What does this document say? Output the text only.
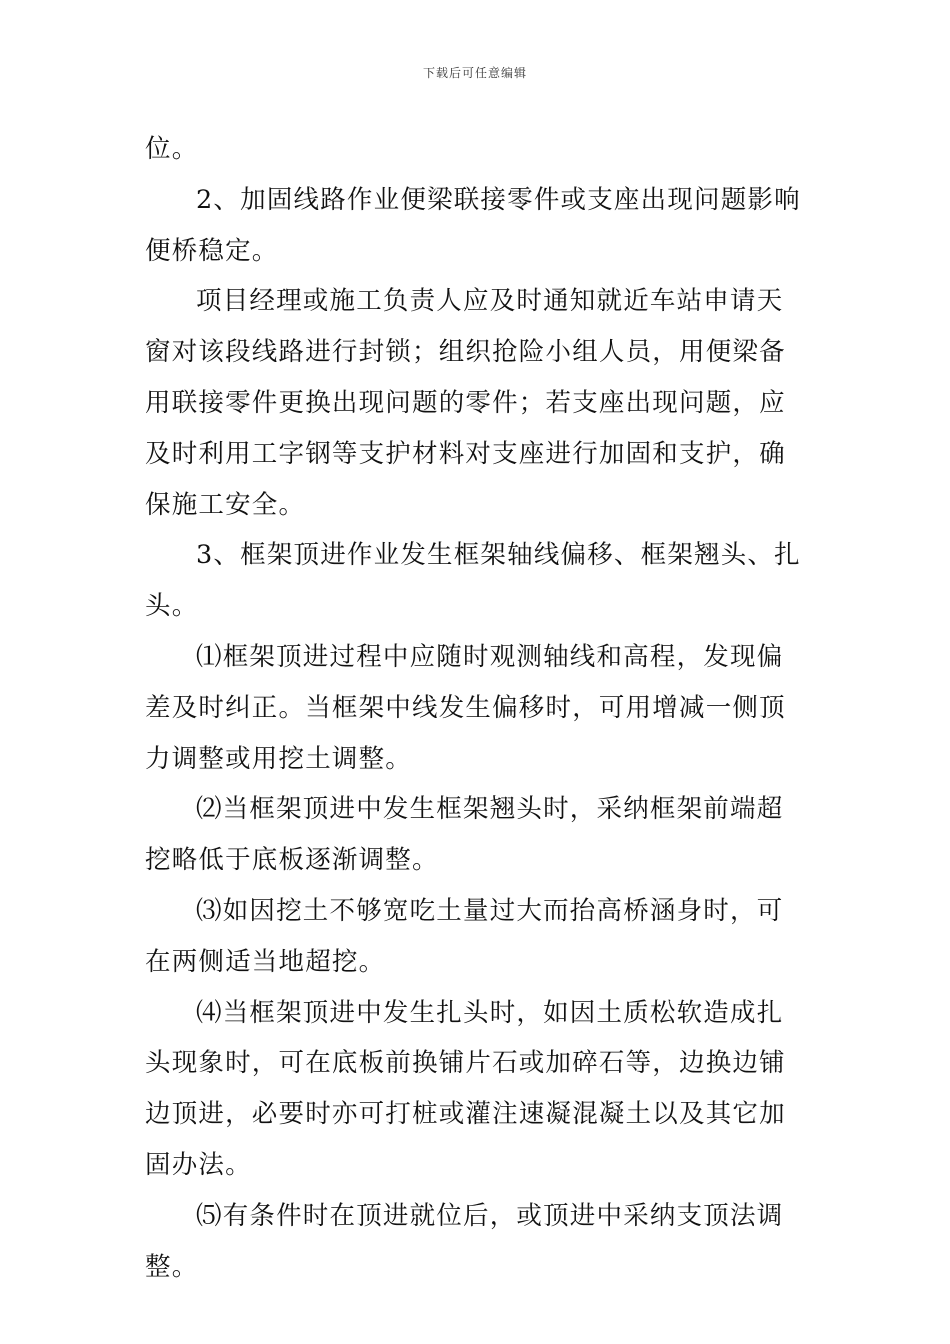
下载后可任意编辑

位。

2、加固线路作业便梁联接零件或支座出现问题影响便桥稳定。

项目经理或施工负责人应及时通知就近车站申请天窗对该段线路进行封锁；组织抢险小组人员，用便梁备用联接零件更换出现问题的零件；若支座出现问题，应及时利用工字钢等支护材料对支座进行加固和支护，确保施工安全。

3、框架顶进作业发生框架轴线偏移、框架翘头、扎头。

⑴框架顶进过程中应随时观测轴线和高程，发现偏差及时纠正。当框架中线发生偏移时，可用增减一侧顶力调整或用挖土调整。

⑵当框架顶进中发生框架翘头时，采纳框架前端超挖略低于底板逐渐调整。

⑶如因挖土不够宽吃土量过大而抬高桥涵身时，可在两侧适当地超挖。

⑷当框架顶进中发生扎头时，如因土质松软造成扎头现象时，可在底板前换铺片石或加碎石等，边换边铺边顶进，必要时亦可打桩或灌注速凝混凝土以及其它加固办法。

⑸有条件时在顶进就位后，或顶进中采纳支顶法调整。
